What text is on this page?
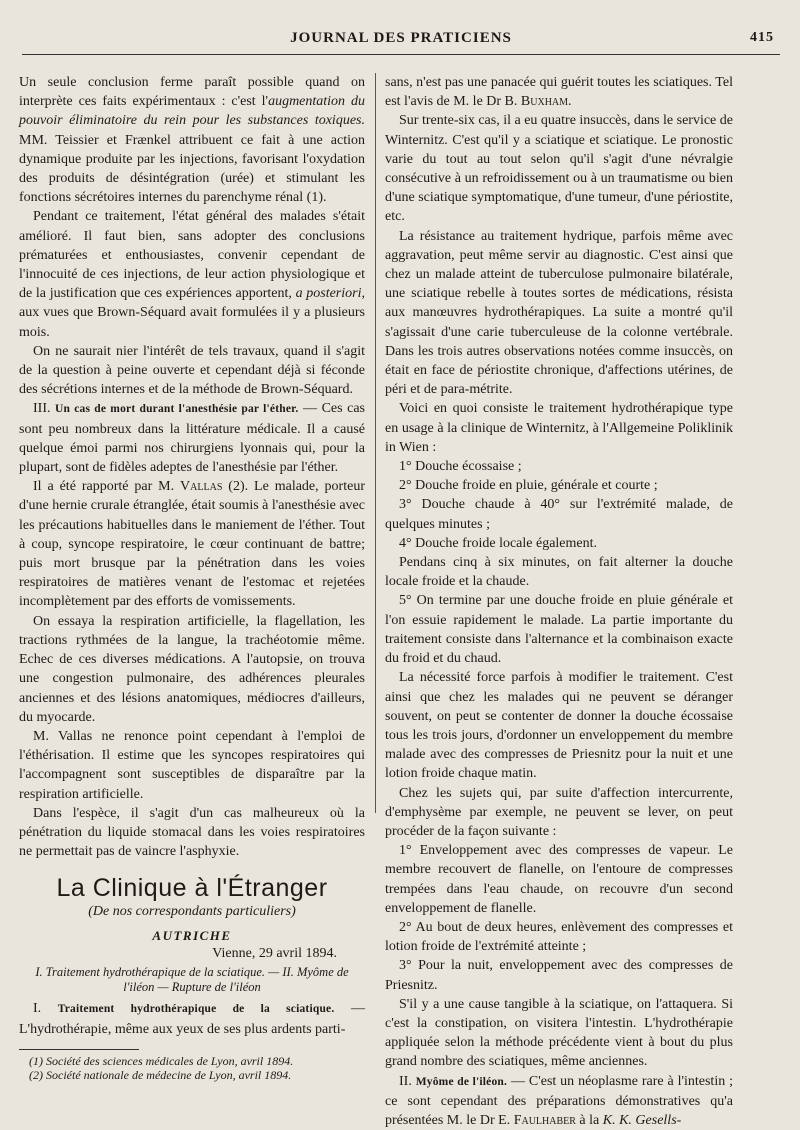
JOURNAL DES PRATICIENS	415

Un seule conclusion ferme paraît possible quand on interprète ces faits expérimentaux : c'est l'augmentation du pouvoir éliminatoire du rein pour les substances toxiques. MM. Teissier et Frænkel attribuent ce fait à une action dynamique produite par les injections, favorisant l'oxydation des produits de désintégration (urée) et stimulant les fonctions sécrétoires internes du parenchyme rénal (1).

Pendant ce traitement, l'état général des malades s'était amélioré. Il faut bien, sans adopter des conclusions prématurées et enthousiastes, convenir cependant de l'innocuité de ces injections, de leur action physiologique et de la justification que ces expériences apportent, a posteriori, aux vues que Brown-Séquard avait formulées il y a plusieurs mois.

On ne saurait nier l'intérêt de tels travaux, quand il s'agit de la question à peine ouverte et cependant déjà si féconde des sécrétions internes et de la méthode de Brown-Séquard.

III. Un cas de mort durant l'anesthésie par l'éther. — Ces cas sont peu nombreux dans la littérature médicale. Il a causé quelque émoi parmi nos chirurgiens lyonnais qui, pour la plupart, sont de fidèles adeptes de l'anesthésie par l'éther.

Il a été rapporté par M. Vallas (2). Le malade, porteur d'une hernie crurale étranglée, était soumis à l'anesthésie avec les précautions habituelles dans le maniement de l'éther. Tout à coup, syncope respiratoire, le cœur continuant de battre; puis mort brusque par la pénétration dans les voies respiratoires de matières venant de l'estomac et rejetées incomplètement par des efforts de vomissements.

On essaya la respiration artificielle, la flagellation, les tractions rythmées de la langue, la trachéotomie même. Echec de ces diverses médications. A l'autopsie, on trouva une congestion pulmonaire, des adhérences pleurales anciennes et des lésions anatomiques, médiocres d'ailleurs, du myocarde.

M. Vallas ne renonce point cependant à l'emploi de l'éthérisation. Il estime que les syncopes respiratoires qui l'accompagnent sont susceptibles de disparaître par la respiration artificielle.

Dans l'espèce, il s'agit d'un cas malheureux où la pénétration du liquide stomacal dans les voies respiratoires ne permettait pas de vaincre l'asphyxie.

La Clinique à l'Étranger
(De nos correspondants particuliers)
AUTRICHE
Vienne, 29 avril 1894.
I. Traitement hydrothérapique de la sciatique. — II. Myôme de l'iléon — Rupture de l'iléon

I. Traitement hydrothérapique de la sciatique. — L'hydrothérapie, même aux yeux de ses plus ardents parti-

(1) Société des sciences médicales de Lyon, avril 1894.

(2) Société nationale de médecine de Lyon, avril 1894.

sans, n'est pas une panacée qui guérit toutes les sciatiques. Tel est l'avis de M. le Dr B. Buxham.

Sur trente-six cas, il a eu quatre insuccès, dans le service de Winternitz. C'est qu'il y a sciatique et sciatique. Le pronostic varie du tout au tout selon qu'il s'agit d'une névralgie consécutive à un refroidissement ou à un traumatisme ou bien d'une sciatique symptomatique, d'une tumeur, d'une périostite, etc.

La résistance au traitement hydrique, parfois même avec aggravation, peut même servir au diagnostic. C'est ainsi que chez un malade atteint de tuberculose pulmonaire bilatérale, une sciatique rebelle à toutes sortes de médications, résista aux manœuvres hydrothérapiques. La suite a montré qu'il s'agissait d'une carie tuberculeuse de la colonne vertébrale. Dans les trois autres observations notées comme insuccès, on était en face de périostite chronique, d'affections utérines, de péri et de para-métrite.

Voici en quoi consiste le traitement hydrothérapique type en usage à la clinique de Winternitz, à l'Allgemeine Poliklinik in Wien :

1° Douche écossaise ;

2° Douche froide en pluie, générale et courte ;

3° Douche chaude à 40° sur l'extrémité malade, de quelques minutes ;

4° Douche froide locale également.

Pendans cinq à six minutes, on fait alterner la douche locale froide et la chaude.

5° On termine par une douche froide en pluie générale et l'on essuie rapidement le malade. La partie importante du traitement consiste dans l'alternance et la combinaison exacte du froid et du chaud.

La nécessité force parfois à modifier le traitement. C'est ainsi que chez les malades qui ne peuvent se déranger souvent, on peut se contenter de donner la douche écossaise tous les trois jours, d'ordonner un enveloppement du membre malade avec des compresses de Priesnitz pour la nuit et une lotion froide chaque matin.

Chez les sujets qui, par suite d'affection intercurrente, d'emphysème par exemple, ne peuvent se lever, on peut procéder de la façon suivante :

1° Enveloppement avec des compresses de vapeur. Le membre recouvert de flanelle, on l'entoure de compresses trempées dans l'eau chaude, on recouvre d'un second enveloppement de flanelle.

2° Au bout de deux heures, enlèvement des compresses et lotion froide de l'extrémité atteinte ;

3° Pour la nuit, enveloppement avec des compresses de Priesnitz.

S'il y a une cause tangible à la sciatique, on l'attaquera. Si c'est la constipation, on visitera l'intestin. L'hydrothérapie appliquée selon la méthode précédente vient à bout du plus grand nombre des sciatiques, même anciennes.

II. Myôme de l'iléon. — C'est un néoplasme rare à l'intestin ; ce sont cependant des préparations démonstratives qu'a présentées M. le Dr E. Faulhaber à la K. K. Gesells-
